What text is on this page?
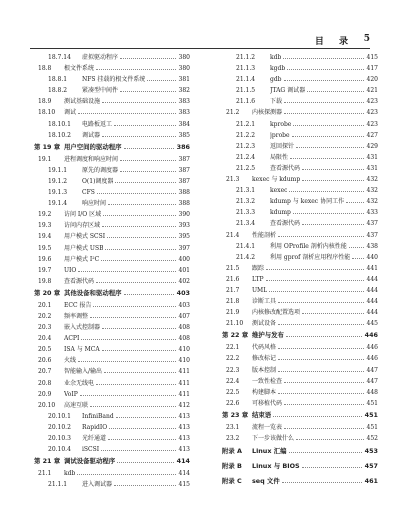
目 录 5
18.7.14 虚拟驱动程序	380
18.8 根文件系统	380
18.8.1 NFS 挂载的根文件系统	381
18.8.2 紧凑型中间件	382
18.9 测试基础设施	383
18.10 调试	383
18.10.1 电路板返工	384
18.10.2 调试器	385
第 19 章 用户空间的驱动程序	386
19.1 进程调度和响应时间	387
19.1.1 原先的调度器	387
19.1.2 O(1)调度器	387
19.1.3 CFS	388
19.1.4 响应时间	388
19.2 访问 I/O 区域	390
19.3 访问内存区域	393
19.4 用户模式 SCSI	395
19.5 用户模式 USB	397
19.6 用户模式 I²C	400
19.7 UIO	401
19.8 查看源代码	402
第 20 章 其他设备和驱动程序	403
20.1 ECC 报告	403
20.2 频率调整	407
20.3 嵌入式控制器	408
20.4 ACPI	408
20.5 ISA 与 MCA	410
20.6 火线	410
20.7 智能输入/输出	411
20.8 业余无线电	411
20.9 VoIP	411
20.10 高速互联	412
20.10.1 InfiniBand	413
20.10.2 RapidIO	413
20.10.3 光纤通道	413
20.10.4 iSCSI	413
第 21 章 调试设备驱动程序	414
21.1 kdb	414
21.1.1 进入调试器	415
21.1.2 kdb	415
21.1.3 kgdb	417
21.1.4 gdb	420
21.1.5 JTAG 调试器	421
21.1.6 下载	423
21.2 内核探测器	423
21.2.1 kprobe	423
21.2.2 jprobe	427
21.2.3 返回探针	429
21.2.4 局限性	431
21.2.5 查看源代码	431
21.3 kexec 与 kdump	432
21.3.1 kexec	432
21.3.2 kdump 与 kexec 协同工作	432
21.3.3 kdump	433
21.3.4 查看源代码	437
21.4 性能剖析	437
21.4.1 利用 OProfile 剖析内核性能	438
21.4.2 利用 gprof 剖析应用程序性能	440
21.5 跟踪	441
21.6 LTP	444
21.7 UML	444
21.8 诊断工具	444
21.9 内核修改配置选项	444
21.10 测试设备	445
第 22 章 维护与发布	446
22.1 代码风格	446
22.2 修改标记	446
22.3 版本控制	447
22.4 一致性检查	447
22.5 构建脚本	448
22.6 可移植代码	451
第 23 章 结束语	451
23.1 流程一览表	451
23.2 下一步该做什么	452
附录 A Linux 汇编	453
附录 B Linux 与 BIOS	457
附录 C seq 文件	461
